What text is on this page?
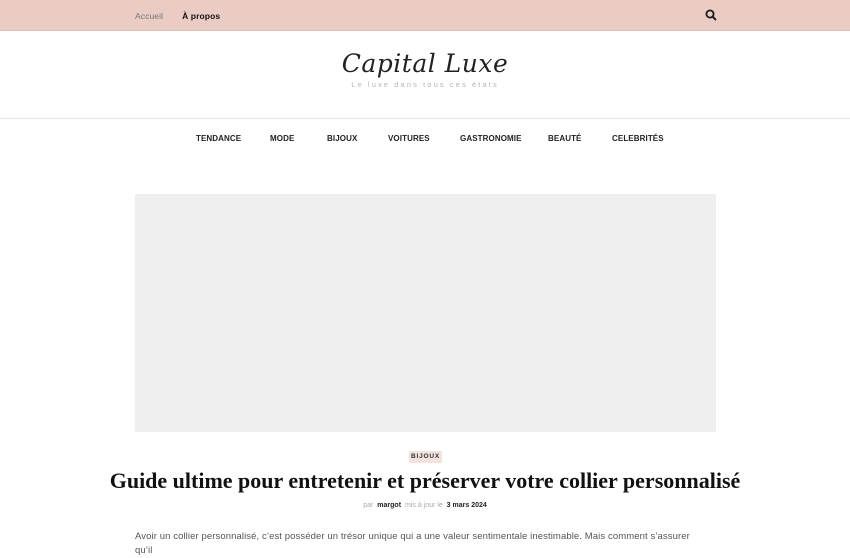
Accueil À propos
Capital Luxe
Le luxe dans tous ces états
TENDANCE	MODE	BIJOUX	VOITURES	GASTRONOMIE	BEAUTÉ	CELEBRITÉS
BIJOUX
Guide ultime pour entretenir et préserver votre collier personnalisé
par margot mis à jour le 3 mars 2024

Avoir un collier personnalisé, c’est posséder un trésor unique qui a une valeur sentimentale inestimable. Mais comment s’assurer qu’il
